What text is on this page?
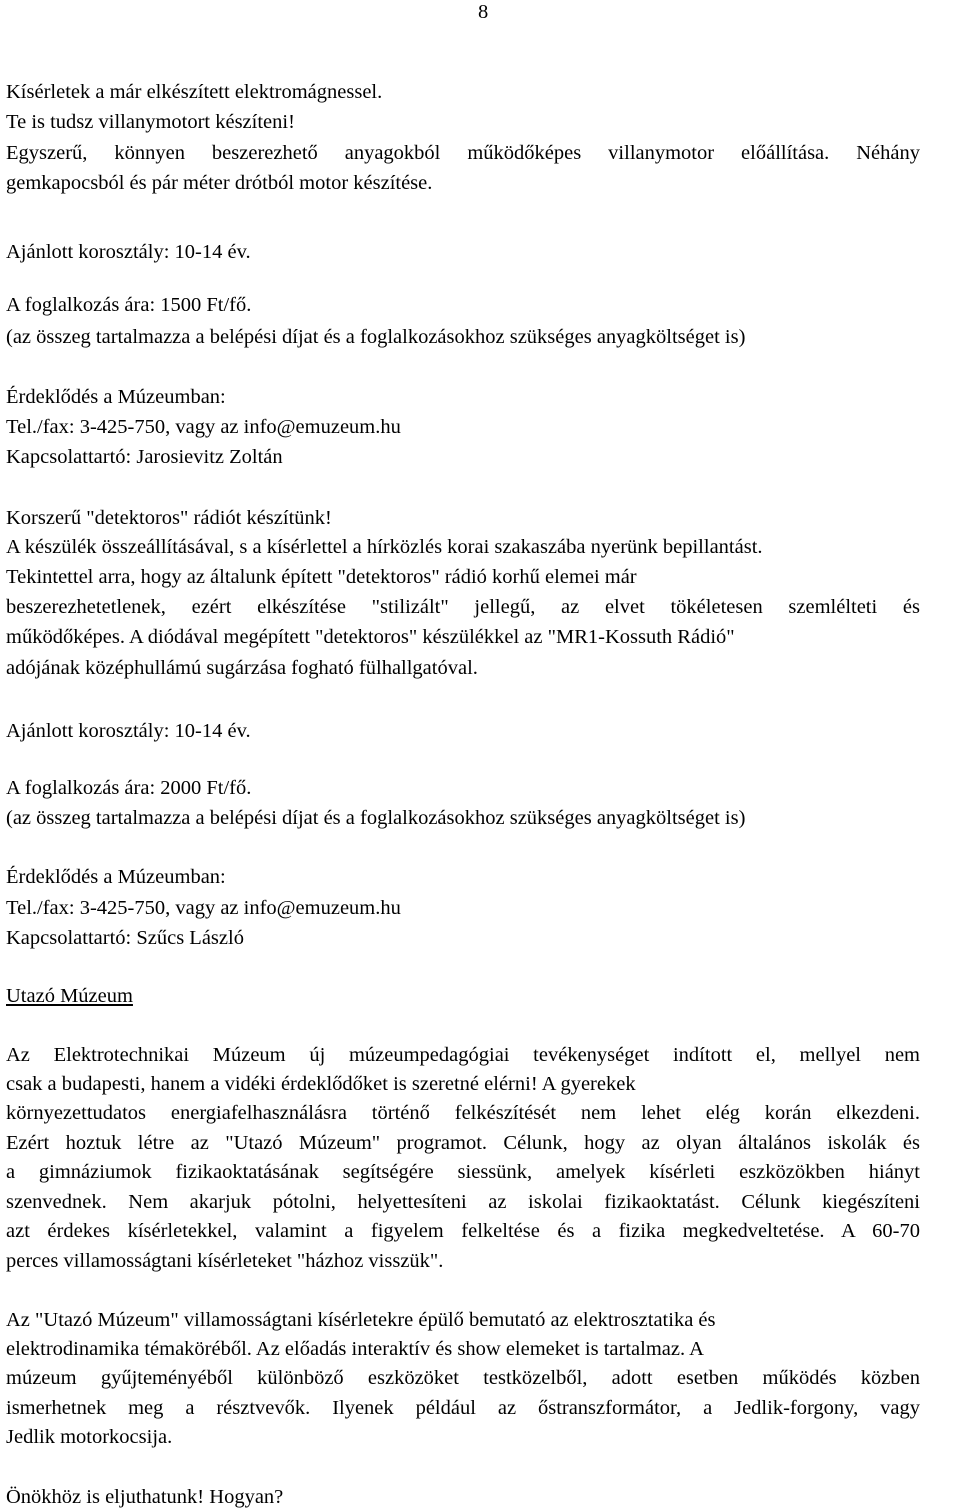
8
Kísérletek a már elkészített elektromágnessel.
Te is tudsz villanymotort készíteni!
Egyszerű, könnyen beszerezhető anyagokból működőképes villanymotor előállítása. Néhány
gemkapocsból és pár méter drótból motor készítése.
Ajánlott korosztály: 10-14 év.
A foglalkozás ára: 1500 Ft/fő.
(az összeg tartalmazza a belépési díjat és a foglalkozásokhoz szükséges anyagköltséget is)
Érdeklődés a Múzeumban:
Tel./fax: 3-425-750, vagy az info@emuzeum.hu
Kapcsolattartó: Jarosievitz Zoltán
Korszerű "detektoros" rádiót készítünk!
A készülék összeállításával, s a kísérlettel a hírközlés korai szakaszába nyerünk bepillantást.
Tekintettel arra, hogy az általunk épített "detektoros" rádió korhű elemei már
beszerezhetetlenek, ezért elkészítése "stilizált" jellegű, az elvet tökéletesen szemlélteti és
működőképes. A diódával megépített "detektoros" készülékkel az "MR1-Kossuth Rádió"
adójának középhullámú sugárzása fogható fülhallgatóval.
Ajánlott korosztály: 10-14 év.
A foglalkozás ára: 2000 Ft/fő.
(az összeg tartalmazza a belépési díjat és a foglalkozásokhoz szükséges anyagköltséget is)
Érdeklődés a Múzeumban:
Tel./fax: 3-425-750, vagy az info@emuzeum.hu
Kapcsolattartó: Szűcs László
Utazó Múzeum
Az Elektrotechnikai Múzeum új múzeumpedagógiai tevékenységet indított el, mellyel nem
csak a budapesti, hanem a vidéki érdeklődőket is szeretné elérni! A gyerekek
környezettudatos energiafelhasználásra történő felkészítését nem lehet elég korán elkezdeni.
Ezért hoztuk létre az "Utazó Múzeum" programot. Célunk, hogy az olyan általános iskolák és
a gimnáziumok fizikaoktatásának segítségére siessünk, amelyek kísérleti eszközökben hiányt
szenvednek. Nem akarjuk pótolni, helyettesíteni az iskolai fizikaoktatást. Célunk kiegészíteni
azt érdekes kísérletekkel, valamint a figyelem felkeltése és a fizika megkedveltetése. A 60-70
perces villamosságtani kísérleteket "házhoz visszük".
Az "Utazó Múzeum" villamosságtani kísérletekre épülő bemutató az elektrosztatika és
elektrodinamika témaköréből. Az előadás interaktív és show elemeket is tartalmaz. A
múzeum gyűjteményéből különböző eszközöket testközelből, adott esetben működés közben
ismerhetnek meg a résztvevők. Ilyenek például az őstranszformátor, a Jedlik-forgony, vagy
Jedlik motorkocsija.
Önökhöz is eljuthatunk! Hogyan?
